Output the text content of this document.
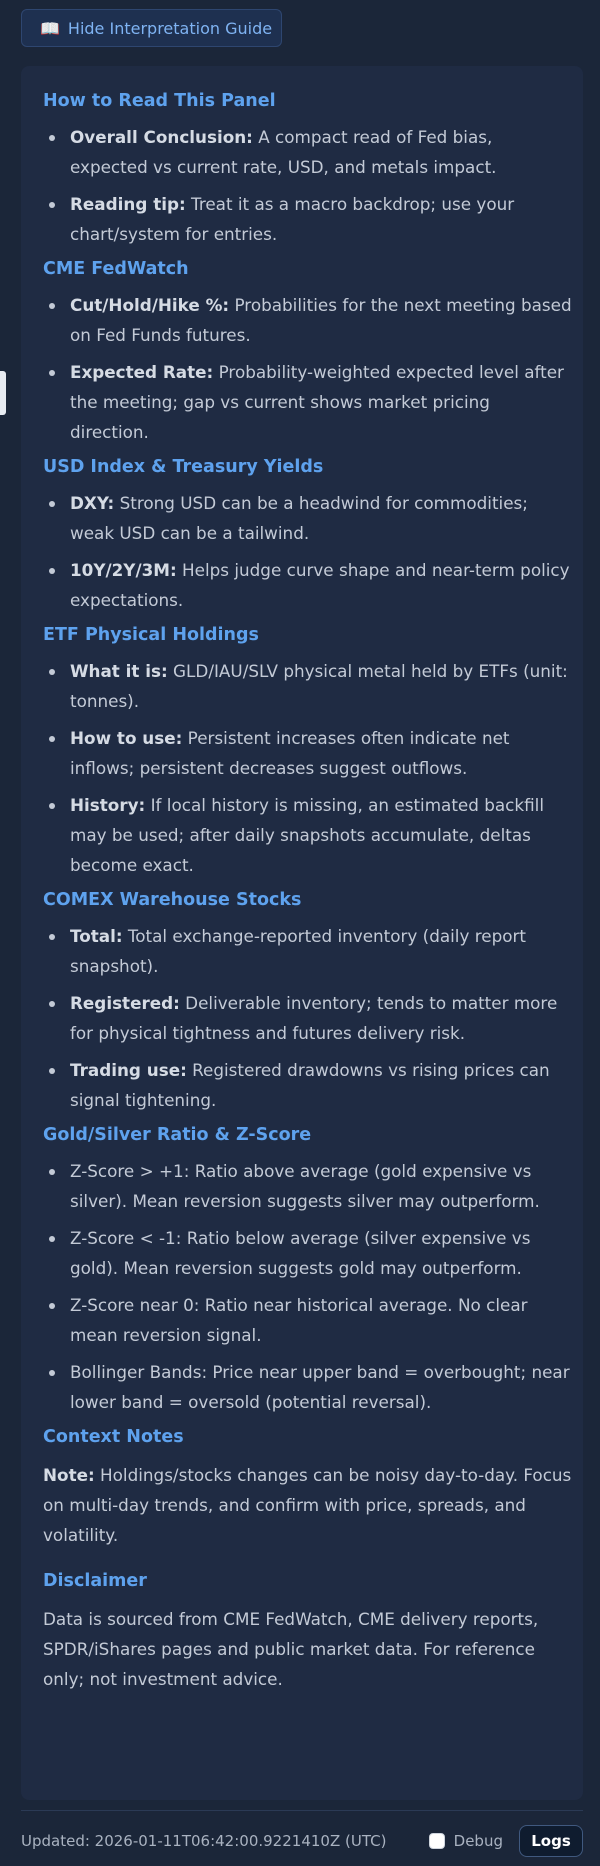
📖 Hide Interpretation Guide
How to Read This Panel
Overall Conclusion: A compact read of Fed bias, expected vs current rate, USD, and metals impact.
Reading tip: Treat it as a macro backdrop; use your chart/system for entries.
CME FedWatch
Cut/Hold/Hike %: Probabilities for the next meeting based on Fed Funds futures.
Expected Rate: Probability-weighted expected level after the meeting; gap vs current shows market pricing direction.
USD Index & Treasury Yields
DXY: Strong USD can be a headwind for commodities; weak USD can be a tailwind.
10Y/2Y/3M: Helps judge curve shape and near-term policy expectations.
ETF Physical Holdings
What it is: GLD/IAU/SLV physical metal held by ETFs (unit: tonnes).
How to use: Persistent increases often indicate net inflows; persistent decreases suggest outflows.
History: If local history is missing, an estimated backfill may be used; after daily snapshots accumulate, deltas become exact.
COMEX Warehouse Stocks
Total: Total exchange-reported inventory (daily report snapshot).
Registered: Deliverable inventory; tends to matter more for physical tightness and futures delivery risk.
Trading use: Registered drawdowns vs rising prices can signal tightening.
Gold/Silver Ratio & Z-Score
Z-Score > +1: Ratio above average (gold expensive vs silver). Mean reversion suggests silver may outperform.
Z-Score < -1: Ratio below average (silver expensive vs gold). Mean reversion suggests gold may outperform.
Z-Score near 0: Ratio near historical average. No clear mean reversion signal.
Bollinger Bands: Price near upper band = overbought; near lower band = oversold (potential reversal).
Context Notes

Note: Holdings/stocks changes can be noisy day-to-day. Focus on multi-day trends, and confirm with price, spreads, and volatility.

Disclaimer

Data is sourced from CME FedWatch, CME delivery reports, SPDR/iShares pages and public market data. For reference only; not investment advice.

Updated: 2026-01-11T06:42:00.9221410Z (UTC)	Debug	Logs
